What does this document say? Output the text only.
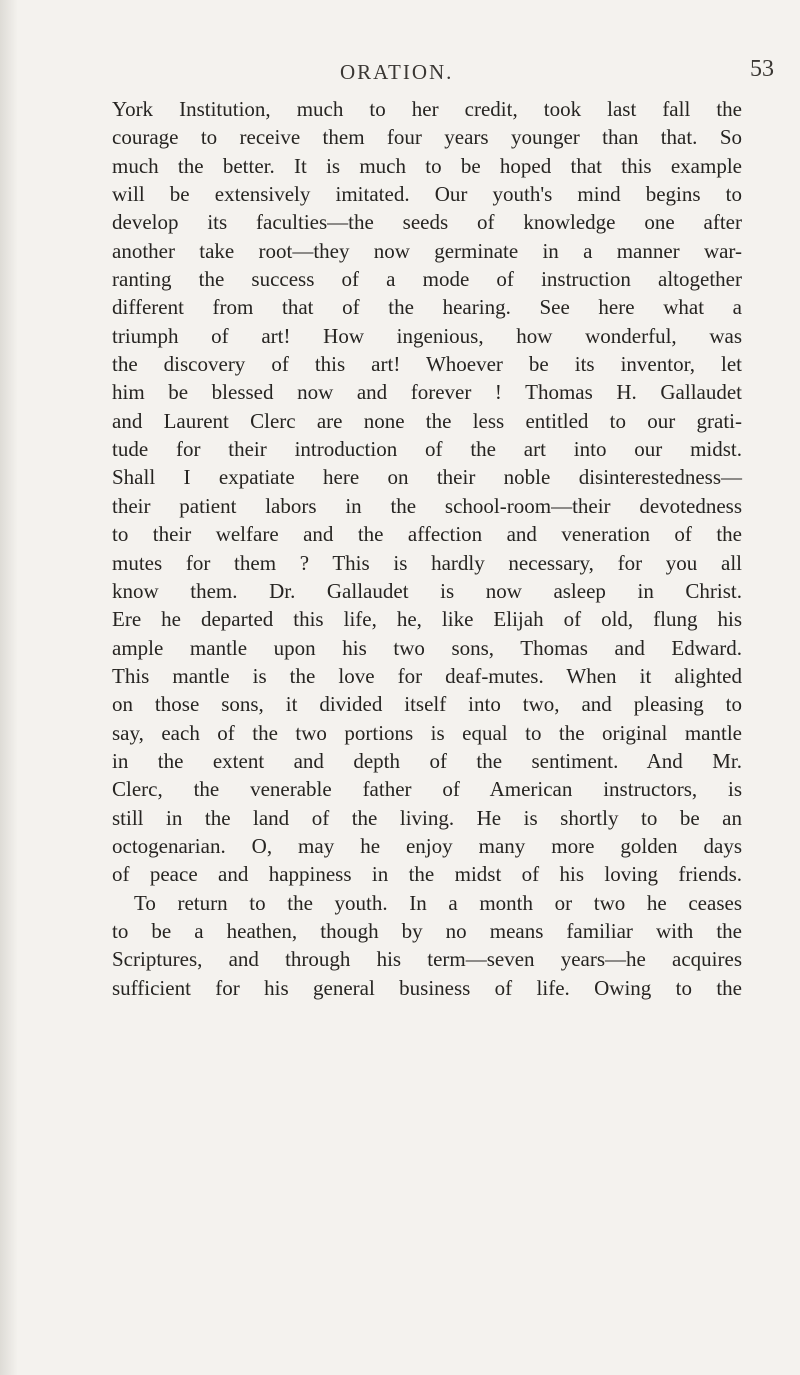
ORATION.	53
York Institution, much to her credit, took last fall the
courage to receive them four years younger than that. So
much the better. It is much to be hoped that this example
will be extensively imitated. Our youth's mind begins to
develop its faculties—the seeds of knowledge one after
another take root—they now germinate in a manner war-
ranting the success of a mode of instruction altogether
different from that of the hearing. See here what a
triumph of art! How ingenious, how wonderful, was
the discovery of this art! Whoever be its inventor, let
him be blessed now and forever ! Thomas H. Gallaudet
and Laurent Clerc are none the less entitled to our grati-
tude for their introduction of the art into our midst.
Shall I expatiate here on their noble disinterestedness—
their patient labors in the school-room—their devotedness
to their welfare and the affection and veneration of the
mutes for them ? This is hardly necessary, for you all
know them. Dr. Gallaudet is now asleep in Christ.
Ere he departed this life, he, like Elijah of old, flung his
ample mantle upon his two sons, Thomas and Edward.
This mantle is the love for deaf-mutes. When it alighted
on those sons, it divided itself into two, and pleasing to
say, each of the two portions is equal to the original mantle
in the extent and depth of the sentiment. And Mr.
Clerc, the venerable father of American instructors, is
still in the land of the living. He is shortly to be an
octogenarian. O, may he enjoy many more golden days
of peace and happiness in the midst of his loving friends.
To return to the youth. In a month or two he ceases
to be a heathen, though by no means familiar with the
Scriptures, and through his term—seven years—he acquires
sufficient for his general business of life. Owing to the
